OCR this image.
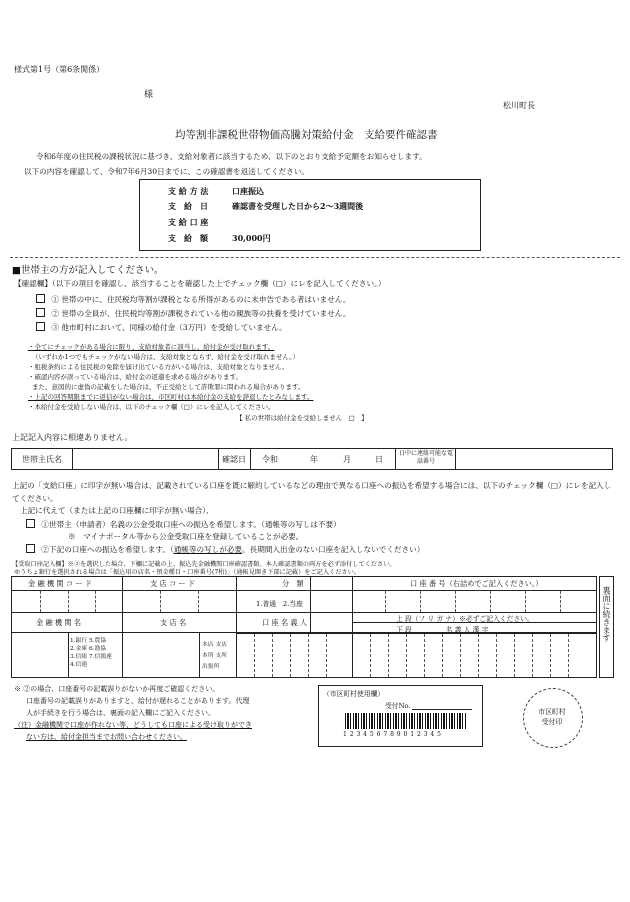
様式第1号（第6条関係）
様
松川町長
均等割非課税世帯物価高騰対策給付金　支給要件確認書
令和6年度の住民税の課税状況に基づき、支給対象者に該当するため、以下のとおり支給予定額をお知らせします。
以下の内容を確認して、令和7年6月30日までに、この確認書を返送してください。
支 給 方 法	口座振込
支　給　日	確認書を受理した日から2～3週間後
支 給 口 座
支　給　額	30,000円
■世帯主の方が記入してください。
【確認欄】（以下の項目を確認し、該当することを確認した上でチェック欄（□）にレを記入してください。）
① 世帯の中に、住民税均等割が課税となる所得があるのに未申告である者はいません。
② 世帯の全員が、住民税均等割が課税されている他の親族等の扶養を受けていません。
③ 他市町村において、同様の給付金（3万円）を受給していません。
・全てにチェックがある場合に限り、支給対象者に該当し、給付金が受け取れます。
（いずれか1つでもチェックがない場合は、支給対象とならず、給付金を受け取れません。）
・租税条約による住民税の免除を届け出ている方がいる場合は、支給対象となりません。
・確認内容が誤っている場合は、給付金の返還を求める場合があります。
また、意図的に虚偽の記載をした場合は、不正受給として詐欺罪に問われる場合があります。
・上記の回答期限までに返信がない場合は、市区町村は本給付金の支給を辞退したとみなします。
・本給付金を受給しない場合は、以下のチェック欄（□）にレを記入してください。
【 私の世帯は給付金を受給しません　□　】
上記記入内容に相違ありません。
世帯主氏名	確認日 令和	年	月	日
日中に連絡可能な電話番号
上記の「支給口座」に印字が無い場合は、記載されている口座を既に解約しているなどの理由で異なる口座への振込を希望する場合には、以下のチェック欄（□）にレを記入してください。
上記に代えて（または上記の口座欄に印字が無い場合）、
①世帯主（申請者）名義の公金受取口座への振込を希望します。（通帳等の写しは不要）
※　マイナポータル等から公金受取口座を登録していることが必要。
②下記の口座への振込を希望します。（通帳等の写しが必要。長期間入出金のない口座を記入しないでください）
【受取口座記入欄】※②を選択した場合、下欄に記載の上、振込先金融機関口座確認書類、本人確認書類の両方を必ず添付してください。
ゆうちょ銀行を選択される場合は「振込用の店名・預金種目・口座番号(7桁)」（通帳見開き下部に記載）をご記入ください。
金 融 機 関 コ ー ド	支 店 コ ー ド	分　類	口 座 番 号（右詰めでご記入ください。）
1.普通　2.当座
金 融 機 関 名	支 店 名	口 座 名 義 人	上 段（フ リ ガ ナ）※必ずご記入ください。
下 段　　　　　名 義 人 漢 字
1.銀行 5.農協
2.金庫 6.漁協
3.信組 7.信漁連
4.信連
本店 支店
本所 支所
出張所
裏面に続きます
※ ②の場合、口座番号の記載誤りがないか再度ご確認ください。
口座番号の記載誤りがありますと、給付が遅れることがあります。代理
人が手続きを行う場合は、裏面の記入欄にご記入ください。
（注）金融機関で口座が作れない等、どうしても口座による受け取りができ
ない方は、給付金担当までお問い合わせください。
（市区町村使用欄）
受付No.
1 2 3 4 5 6 7 8 9 0 1 2 3 4 5
市区町村
受付印
